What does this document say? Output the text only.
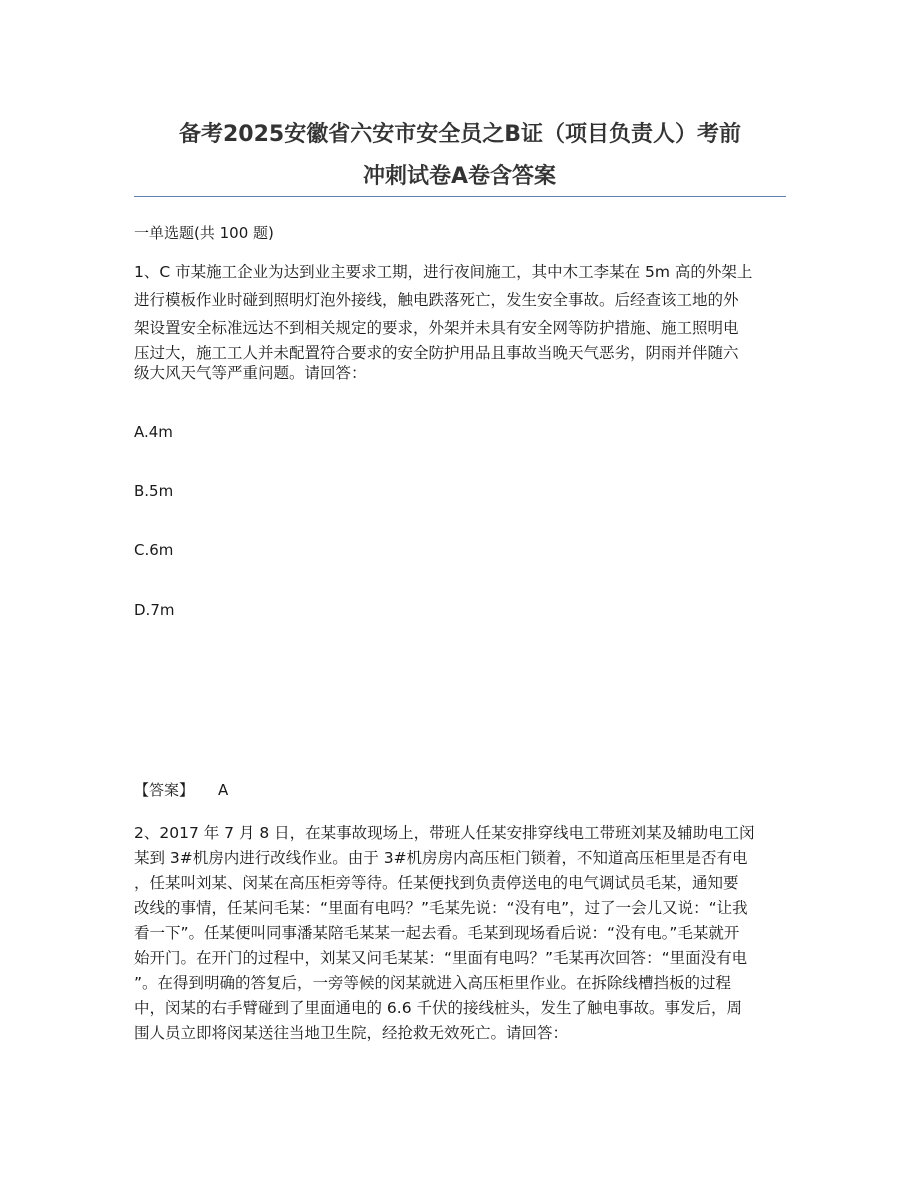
备考2025安徽省六安市安全员之B证（项目负责人）考前
冲刺试卷A卷含答案
一单选题(共 100 题)
1、C 市某施工企业为达到业主要求工期，进行夜间施工，其中木工李某在 5m 高的外架上
进行模板作业时碰到照明灯泡外接线，触电跌落死亡，发生安全事故。后经查该工地的外
架设置安全标准远达不到相关规定的要求，外架并未具有安全网等防护措施、施工照明电
压过大，施工工人并未配置符合要求的安全防护用品且事故当晚天气恶劣，阴雨并伴随六
级大风天气等严重问题。请回答：
A.4m
B.5m
C.6m
D.7m
【答案】 A
2、2017 年 7 月 8 日，在某事故现场上，带班人任某安排穿线电工带班刘某及辅助电工闵
某到 3#机房内进行改线作业。由于 3#机房房内高压柜门锁着，不知道高压柜里是否有电
，任某叫刘某、闵某在高压柜旁等待。任某便找到负责停送电的电气调试员毛某，通知要
改线的事情，任某问毛某：“里面有电吗？”毛某先说：“没有电”，过了一会儿又说：“让我
看一下”。任某便叫同事潘某陪毛某某一起去看。毛某到现场看后说：“没有电。”毛某就开
始开门。在开门的过程中，刘某又问毛某某：“里面有电吗？”毛某再次回答：“里面没有电
”。在得到明确的答复后，一旁等候的闵某就进入高压柜里作业。在拆除线槽挡板的过程
中，闵某的右手臂碰到了里面通电的 6.6 千伏的接线桩头，发生了触电事故。事发后，周
围人员立即将闵某送往当地卫生院，经抢救无效死亡。请回答：
